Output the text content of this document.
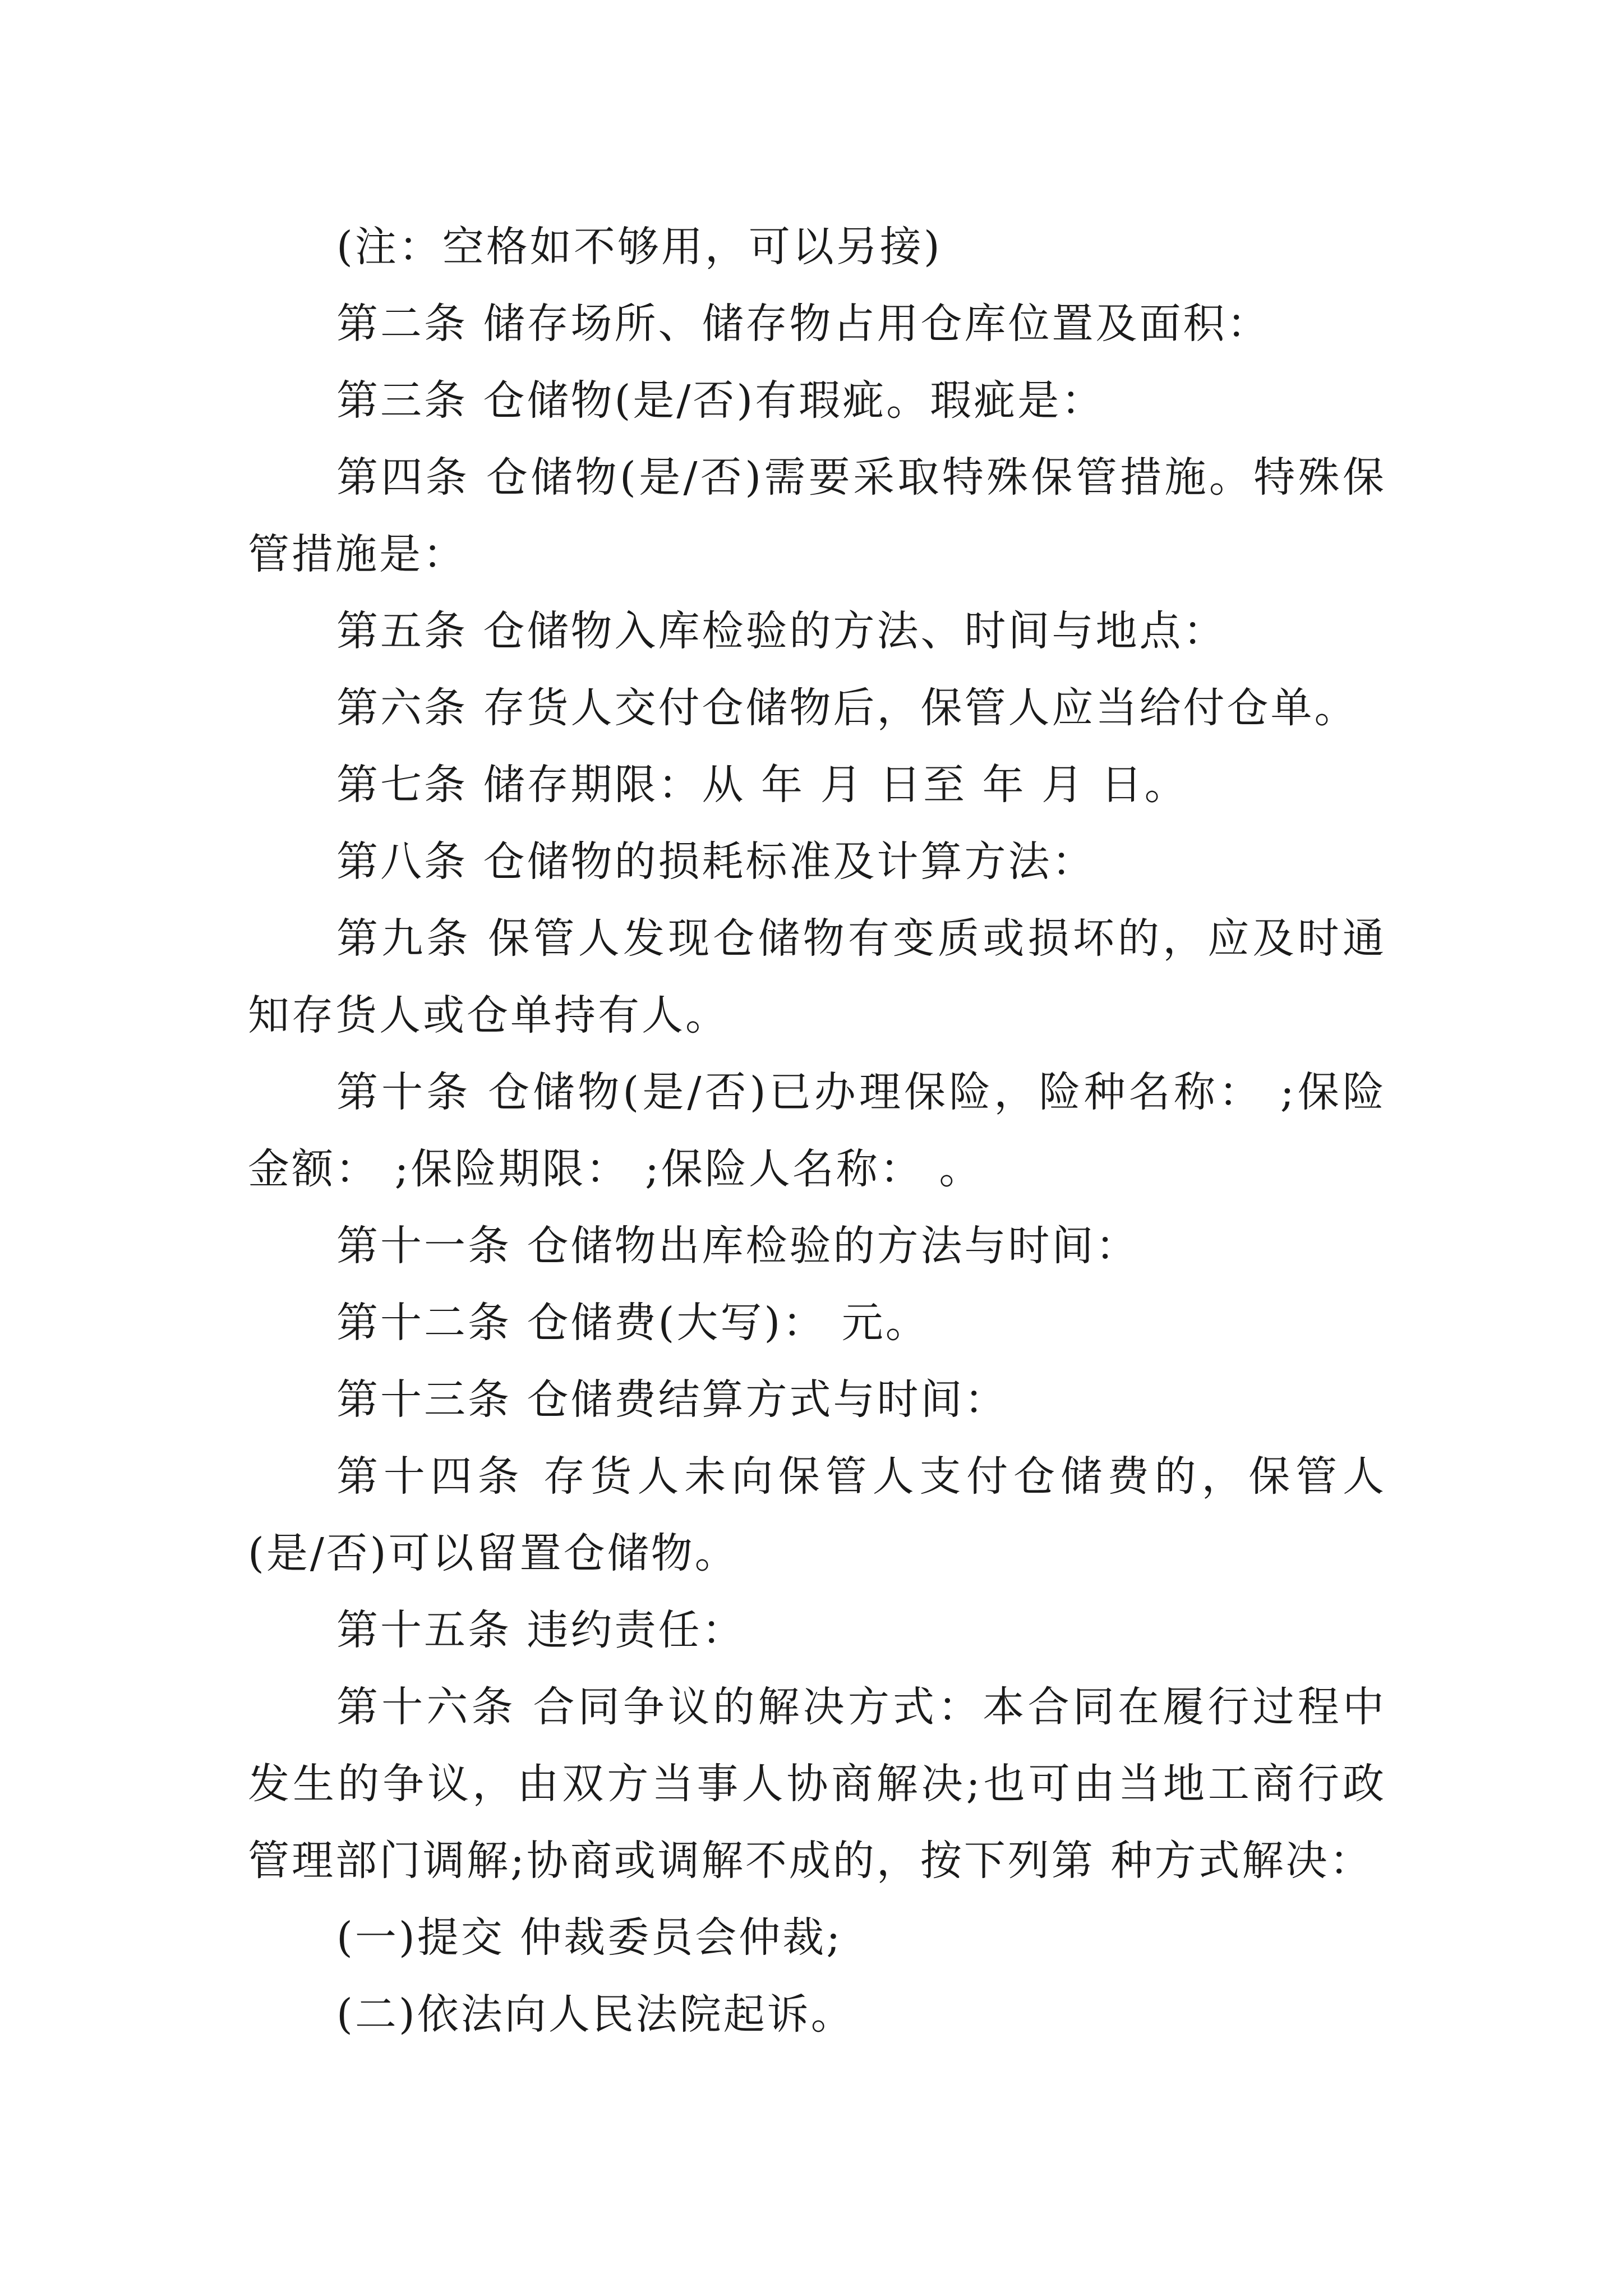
(注：空格如不够用，可以另接)

第二条 储存场所、储存物占用仓库位置及面积：

第三条 仓储物(是/否)有瑕疵。瑕疵是：

第四条 仓储物(是/否)需要采取特殊保管措施。特殊保管措施是：

第五条 仓储物入库检验的方法、时间与地点：

第六条 存货人交付仓储物后，保管人应当给付仓单。

第七条 储存期限：从 年 月 日至 年 月 日。

第八条 仓储物的损耗标准及计算方法：

第九条 保管人发现仓储物有变质或损坏的，应及时通知存货人或仓单持有人。

第十条 仓储物(是/否)已办理保险，险种名称： ;保险金额： ;保险期限： ;保险人名称： 。

第十一条 仓储物出库检验的方法与时间：

第十二条 仓储费(大写)： 元。

第十三条 仓储费结算方式与时间：

第十四条 存货人未向保管人支付仓储费的，保管人(是/否)可以留置仓储物。

第十五条 违约责任：

第十六条 合同争议的解决方式：本合同在履行过程中发生的争议，由双方当事人协商解决;也可由当地工商行政管理部门调解;协商或调解不成的，按下列第 种方式解决：

(一)提交 仲裁委员会仲裁;

(二)依法向人民法院起诉。
